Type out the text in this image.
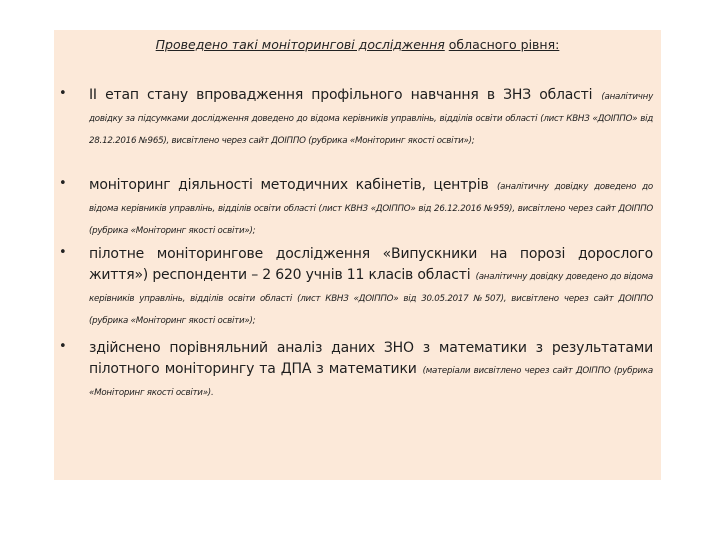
Проведено такі моніторингові дослідження обласного рівня:
• ІІ етап стану впровадження профільного навчання в ЗНЗ області (аналітичну довідку за підсумками дослідження доведено до відома керівників управлінь, відділів освіти області (лист КВНЗ «ДОІППО» від 28.12.2016 №965), висвітлено через сайт ДОІППО (рубрика «Моніторинг якості освіти»);
• моніторинг діяльності методичних кабінетів, центрів (аналітичну довідку доведено до відома керівників управлінь, відділів освіти області (лист КВНЗ «ДОІППО» від 26.12.2016 №959), висвітлено через сайт ДОІППО (рубрика «Моніторинг якості освіти»);
• пілотне моніторингове дослідження «Випускники на порозі дорослого життя») респонденти – 2 620 учнів 11 класів області (аналітичну довідку доведено до відома керівників управлінь, відділів освіти області (лист КВНЗ «ДОІППО» від 30.05.2017 №507), висвітлено через сайт ДОІППО (рубрика «Моніторинг якості освіти»);
• здійснено порівняльний аналіз даних ЗНО з математики з результатами пілотного моніторингу та ДПА з математики (матеріали висвітлено через сайт ДОІППО (рубрика «Моніторинг якості освіти»).
